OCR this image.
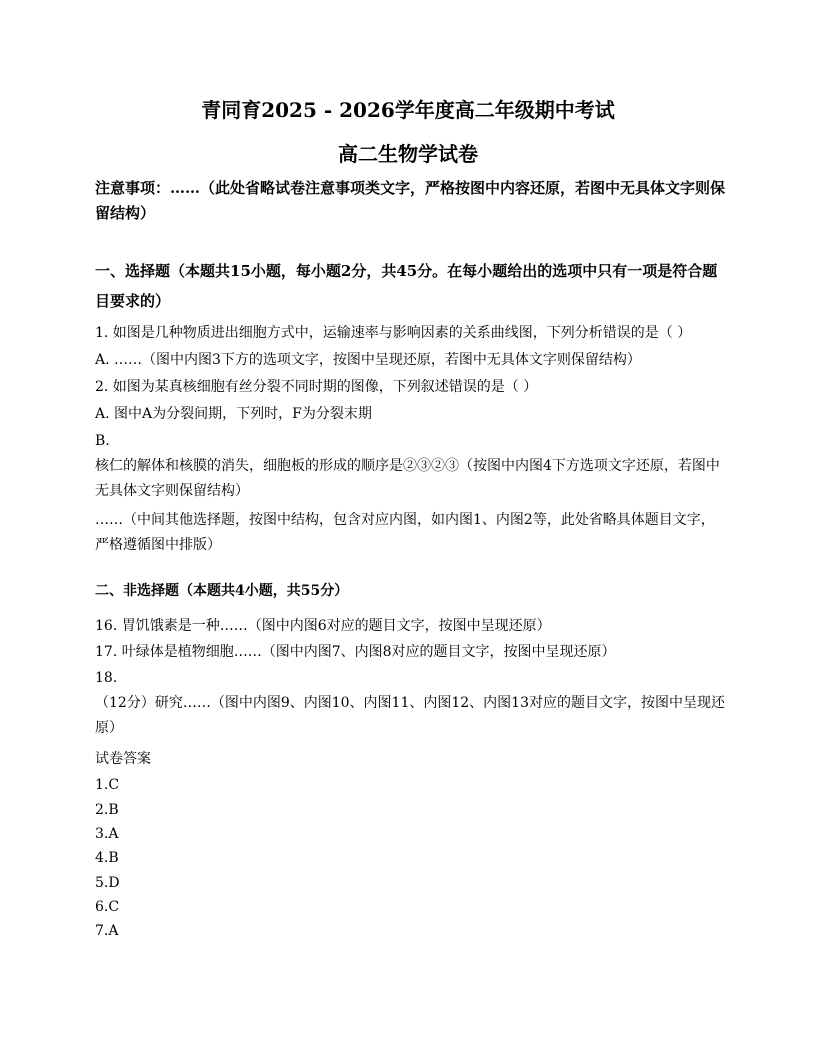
青同育2025 - 2026学年度高二年级期中考试
高二生物学试卷
注意事项：……（此处省略试卷注意事项类文字，严格按图中内容还原，若图中无具体文字则保留结构）
一、选择题（本题共15小题，每小题2分，共45分。在每小题给出的选项中只有一项是符合题目要求的）
1. 如图是几种物质进出细胞方式中，运输速率与影响因素的关系曲线图，下列分析错误的是（ ）
A. ……（图中内图3下方的选项文字，按图中呈现还原，若图中无具体文字则保留结构）
2. 如图为某真核细胞有丝分裂不同时期的图像，下列叙述错误的是（ ）
A. 图中A为分裂间期，下列时，F为分裂末期
B.
核仁的解体和核膜的消失，细胞板的形成的顺序是②③②③（按图中内图4下方选项文字还原，若图中无具体文字则保留结构）
……（中间其他选择题，按图中结构，包含对应内图，如内图1、内图2等，此处省略具体题目文字，严格遵循图中排版）
二、非选择题（本题共4小题，共55分）
16. 胃饥饿素是一种……（图中内图6对应的题目文字，按图中呈现还原）
17. 叶绿体是植物细胞……（图中内图7、内图8对应的题目文字，按图中呈现还原）
18.
（12分）研究……（图中内图9、内图10、内图11、内图12、内图13对应的题目文字，按图中呈现还原）
试卷答案
1.C
2.B
3.A
4.B
5.D
6.C
7.A
